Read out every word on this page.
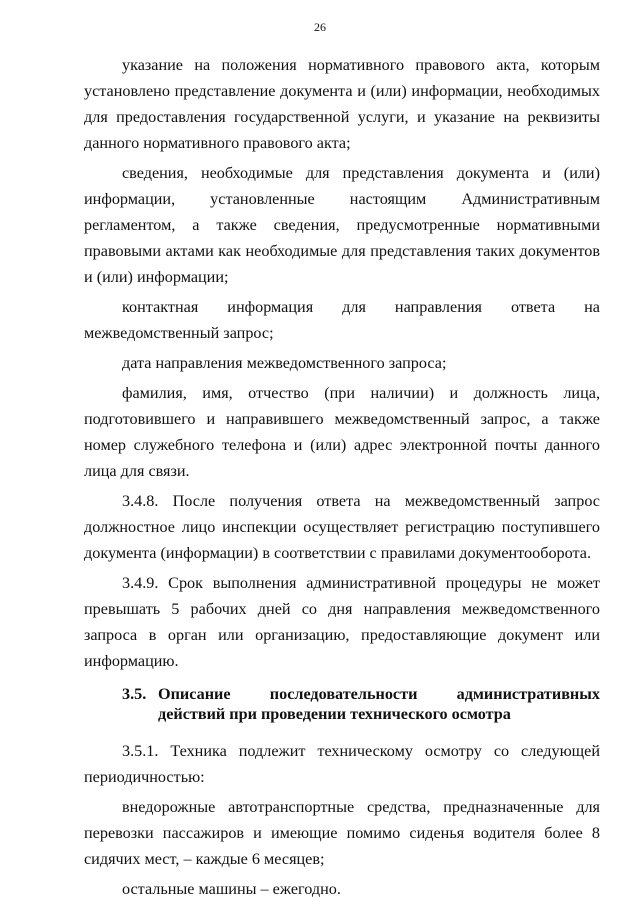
26

указание на положения нормативного правового акта, которым установлено представление документа и (или) информации, необходимых для предоставления государственной услуги, и указание на реквизиты данного нормативного правового акта;

сведения, необходимые для представления документа и (или) информации, установленные настоящим Административным регламентом, а также сведения, предусмотренные нормативными правовыми актами как необходимые для представления таких документов и (или) информации;

контактная информация для направления ответа на межведомственный запрос;

дата направления межведомственного запроса;

фамилия, имя, отчество (при наличии) и должность лица, подготовившего и направившего межведомственный запрос, а также номер служебного телефона и (или) адрес электронной почты данного лица для связи.

3.4.8. После получения ответа на межведомственный запрос должностное лицо инспекции осуществляет регистрацию поступившего документа (информации) в соответствии с правилами документооборота.

3.4.9. Срок выполнения административной процедуры не может превышать 5 рабочих дней со дня направления межведомственного запроса в орган или организацию, предоставляющие документ или информацию.

3.5. Описание последовательности административных действий при проведении технического осмотра

3.5.1. Техника подлежит техническому осмотру со следующей периодичностью:

внедорожные автотранспортные средства, предназначенные для перевозки пассажиров и имеющие помимо сиденья водителя более 8 сидячих мест, – каждые 6 месяцев;

остальные машины – ежегодно.
